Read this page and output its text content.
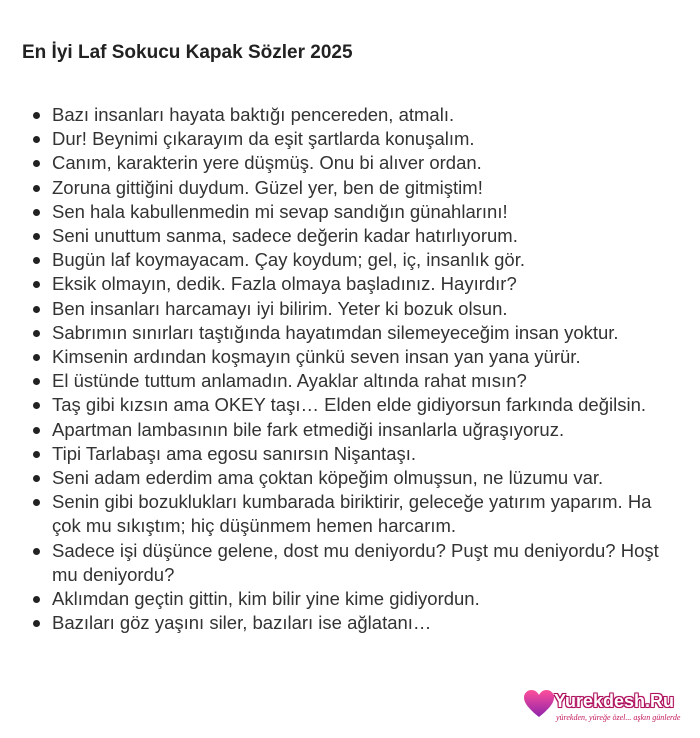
En İyi Laf Sokucu Kapak Sözler 2025
Bazı insanları hayata baktığı pencereden, atmalı.
Dur! Beynimi çıkarayım da eşit şartlarda konuşalım.
Canım, karakterin yere düşmüş. Onu bi alıver ordan.
Zoruna gittiğini duydum. Güzel yer, ben de gitmiştim!
Sen hala kabullenmedin mi sevap sandığın günahlarını!
Seni unuttum sanma, sadece değerin kadar hatırlıyorum.
Bugün laf koymayacam. Çay koydum; gel, iç, insanlık gör.
Eksik olmayın, dedik. Fazla olmaya başladınız. Hayırdır?
Ben insanları harcamayı iyi bilirim. Yeter ki bozuk olsun.
Sabrımın sınırları taştığında hayatımdan silemeyeceğim insan yoktur.
Kimsenin ardından koşmayın çünkü seven insan yan yana yürür.
El üstünde tuttum anlamadın. Ayaklar altında rahat mısın?
Taş gibi kızsın ama OKEY taşı… Elden elde gidiyorsun farkında değilsin.
Apartman lambasının bile fark etmediği insanlarla uğraşıyoruz.
Tipi Tarlabaşı ama egosu sanırsın Nişantaşı.
Seni adam ederdim ama çoktan köpeğim olmuşsun, ne lüzumu var.
Senin gibi bozuklukları kumbarada biriktirir, geleceğe yatırım yaparım. Ha çok mu sıkıştım; hiç düşünmem hemen harcarım.
Sadece işi düşünce gelene, dost mu deniyordu? Puşt mu deniyordu? Hoşt mu deniyordu?
Aklımdan geçtin gittin, kim bilir yine kime gidiyordun.
Bazıları göz yaşını siler, bazıları ise ağlatanı…
Yurekdesh.Ru
yürekden, yüreğe özel... aşkın günlerde
